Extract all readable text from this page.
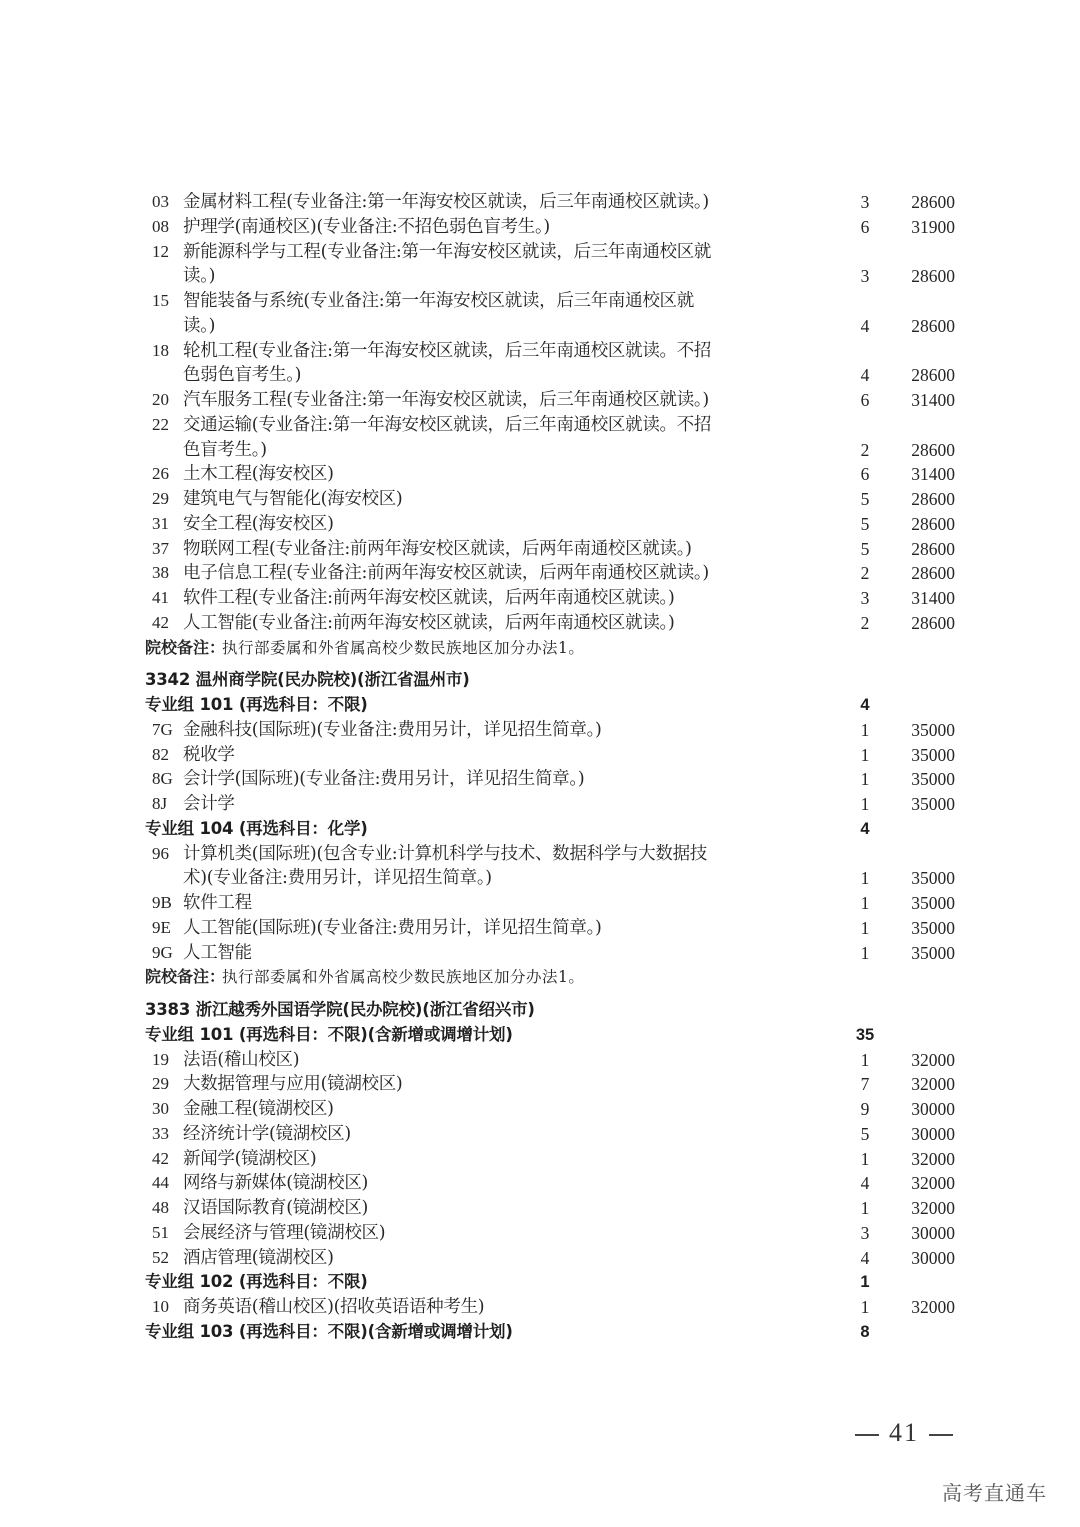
03 金属材料工程(专业备注:第一年海安校区就读，后三年南通校区就读。)	3	28600
08 护理学(南通校区)(专业备注:不招色弱色盲考生。)	6	31900
12 新能源科学与工程(专业备注:第一年海安校区就读，后三年南通校区就
读。)	3	28600
15 智能装备与系统(专业备注:第一年海安校区就读，后三年南通校区就
读。)	4	28600
18 轮机工程(专业备注:第一年海安校区就读，后三年南通校区就读。不招
色弱色盲考生。)	4	28600
20 汽车服务工程(专业备注:第一年海安校区就读，后三年南通校区就读。)	6	31400
22 交通运输(专业备注:第一年海安校区就读，后三年南通校区就读。不招
色盲考生。)	2	28600
26 土木工程(海安校区)	6	31400
29 建筑电气与智能化(海安校区)	5	28600
31 安全工程(海安校区)	5	28600
37 物联网工程(专业备注:前两年海安校区就读，后两年南通校区就读。)	5	28600
38 电子信息工程(专业备注:前两年海安校区就读，后两年南通校区就读。)	2	28600
41 软件工程(专业备注:前两年海安校区就读，后两年南通校区就读。)	3	31400
42 人工智能(专业备注:前两年海安校区就读，后两年南通校区就读。)	2	28600
院校备注：
执行部委属和外省属高校少数民族地区加分办法1。
3342 温州商学院(民办院校)(浙江省温州市)
专业组 101 (再选科目：不限)	4
7G 金融科技(国际班)(专业备注:费用另计，详见招生简章。)	1	35000
82 税收学	1	35000
8G 会计学(国际班)(专业备注:费用另计，详见招生简章。)	1	35000
8J 会计学	1	35000
专业组 104 (再选科目：化学)	4
96 计算机类(国际班)(包含专业:计算机科学与技术、数据科学与大数据技
术)(专业备注:费用另计，详见招生简章。)	1	35000
9B 软件工程	1	35000
9E 人工智能(国际班)(专业备注:费用另计，详见招生简章。)	1	35000
9G 人工智能	1	35000
院校备注：
执行部委属和外省属高校少数民族地区加分办法1。
3383 浙江越秀外国语学院(民办院校)(浙江省绍兴市)
专业组 101 (再选科目：不限)(含新增或调增计划)	35
19 法语(稽山校区)	1	32000
29 大数据管理与应用(镜湖校区)	7	32000
30 金融工程(镜湖校区)	9	30000
33 经济统计学(镜湖校区)	5	30000
42 新闻学(镜湖校区)	1	32000
44 网络与新媒体(镜湖校区)	4	32000
48 汉语国际教育(镜湖校区)	1	32000
51 会展经济与管理(镜湖校区)	3	30000
52 酒店管理(镜湖校区)	4	30000
专业组 102 (再选科目：不限)	1
10 商务英语(稽山校区)(招收英语语种考生)	1	32000
专业组 103 (再选科目：不限)(含新增或调增计划)	8
41
高考直通车
